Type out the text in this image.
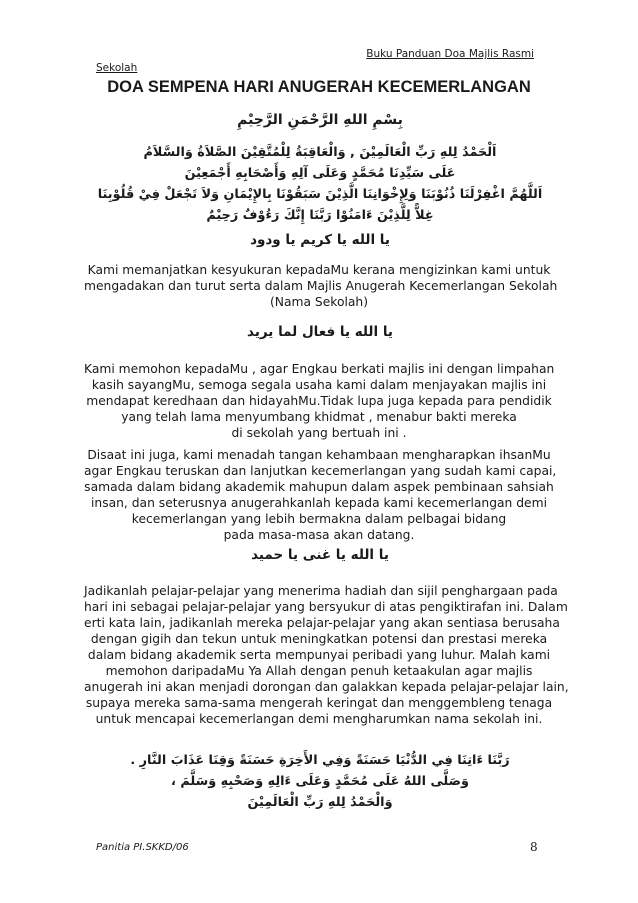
Buku Panduan Doa Majlis Rasmi
Sekolah
DOA SEMPENA HARI ANUGERAH KECEMERLANGAN
بِسْمِ اللهِ الرَّحْمَنِ الرَّحِيْمِ
اَلْحَمْدُ لِلهِ رَبِّ الْعَالَمِيْنَ , وَالْعَاقِبَةُ لِلْمُتَّقِيْنَ الصَّلاَةُ وَالسَّلاَمُ
عَلَى سَيِّدِنَا مُحَمَّدٍ وَعَلَى آلِهِ وَأَصْحَابِهِ أَجْمَعِيْنَ
اَللَّهُمَّ اغْفِرْلَنَا ذُنُوْبَنَا وَلِإِخْوَانِنَا الَّذِيْنَ سَبَقُوْنَا بِالإِيْمَانِ وَلاَ تَجْعَلْ فِيْ قُلُوْبِنَا
غِلاًّ لِلَّذِيْنَ ءَامَنُوْا رَبَّنَا إِنَّكَ رَءُوْفٌ رَحِيْمٌ
يا الله يا كريم يا ودود
Kami memanjatkan kesyukuran kepadaMu kerana mengizinkan kami untuk
mengadakan dan turut serta dalam Majlis Anugerah Kecemerlangan Sekolah
(Nama Sekolah)
يا الله يا فعال لما يريد
Kami memohon kepadaMu , agar Engkau berkati majlis ini dengan limpahan
kasih sayangMu, semoga segala usaha kami dalam menjayakan majlis ini
mendapat keredhaan dan hidayahMu.Tidak lupa juga kepada para pendidik
yang telah lama menyumbang khidmat , menabur bakti mereka
di sekolah yang bertuah ini .
Disaat ini juga, kami menadah tangan kehambaan mengharapkan ihsanMu
agar Engkau teruskan dan lanjutkan kecemerlangan yang sudah kami capai,
samada dalam bidang akademik mahupun dalam aspek pembinaan sahsiah
insan, dan seterusnya anugerahkanlah kepada kami kecemerlangan demi
kecemerlangan yang lebih bermakna dalam pelbagai bidang
pada masa-masa akan datang.
يا الله يا غنى يا حميد
Jadikanlah pelajar-pelajar yang menerima hadiah dan sijil penghargaan pada
hari ini sebagai pelajar-pelajar yang bersyukur di atas pengiktirafan ini. Dalam
erti kata lain, jadikanlah mereka pelajar-pelajar yang akan sentiasa berusaha
dengan gigih dan tekun untuk meningkatkan potensi dan prestasi mereka
dalam bidang akademik serta mempunyai peribadi yang luhur. Malah kami
memohon daripadaMu Ya Allah dengan penuh ketaakulan agar majlis
anugerah ini akan menjadi dorongan dan galakkan kepada pelajar-pelajar lain,
supaya mereka sama-sama mengerah keringat dan menggembleng tenaga
untuk mencapai kecemerlangan demi mengharumkan nama sekolah ini.
رَبَّنَا ءَاتِنَا فِي الدُّنْيَا حَسَنَةً وَفِي الأَخِرَةِ حَسَنَةً وَقِنَا عَذَابَ النَّارِ .
وَصَلَّى اللهُ عَلَى مُحَمَّدٍ وَعَلَى ءَالِهِ وَصَحْبِهِ وَسَلَّمَ ،
وَالْحَمْدُ لِلهِ رَبِّ الْعَالَمِيْنَ
Panitia PI.SKKD/06	8
